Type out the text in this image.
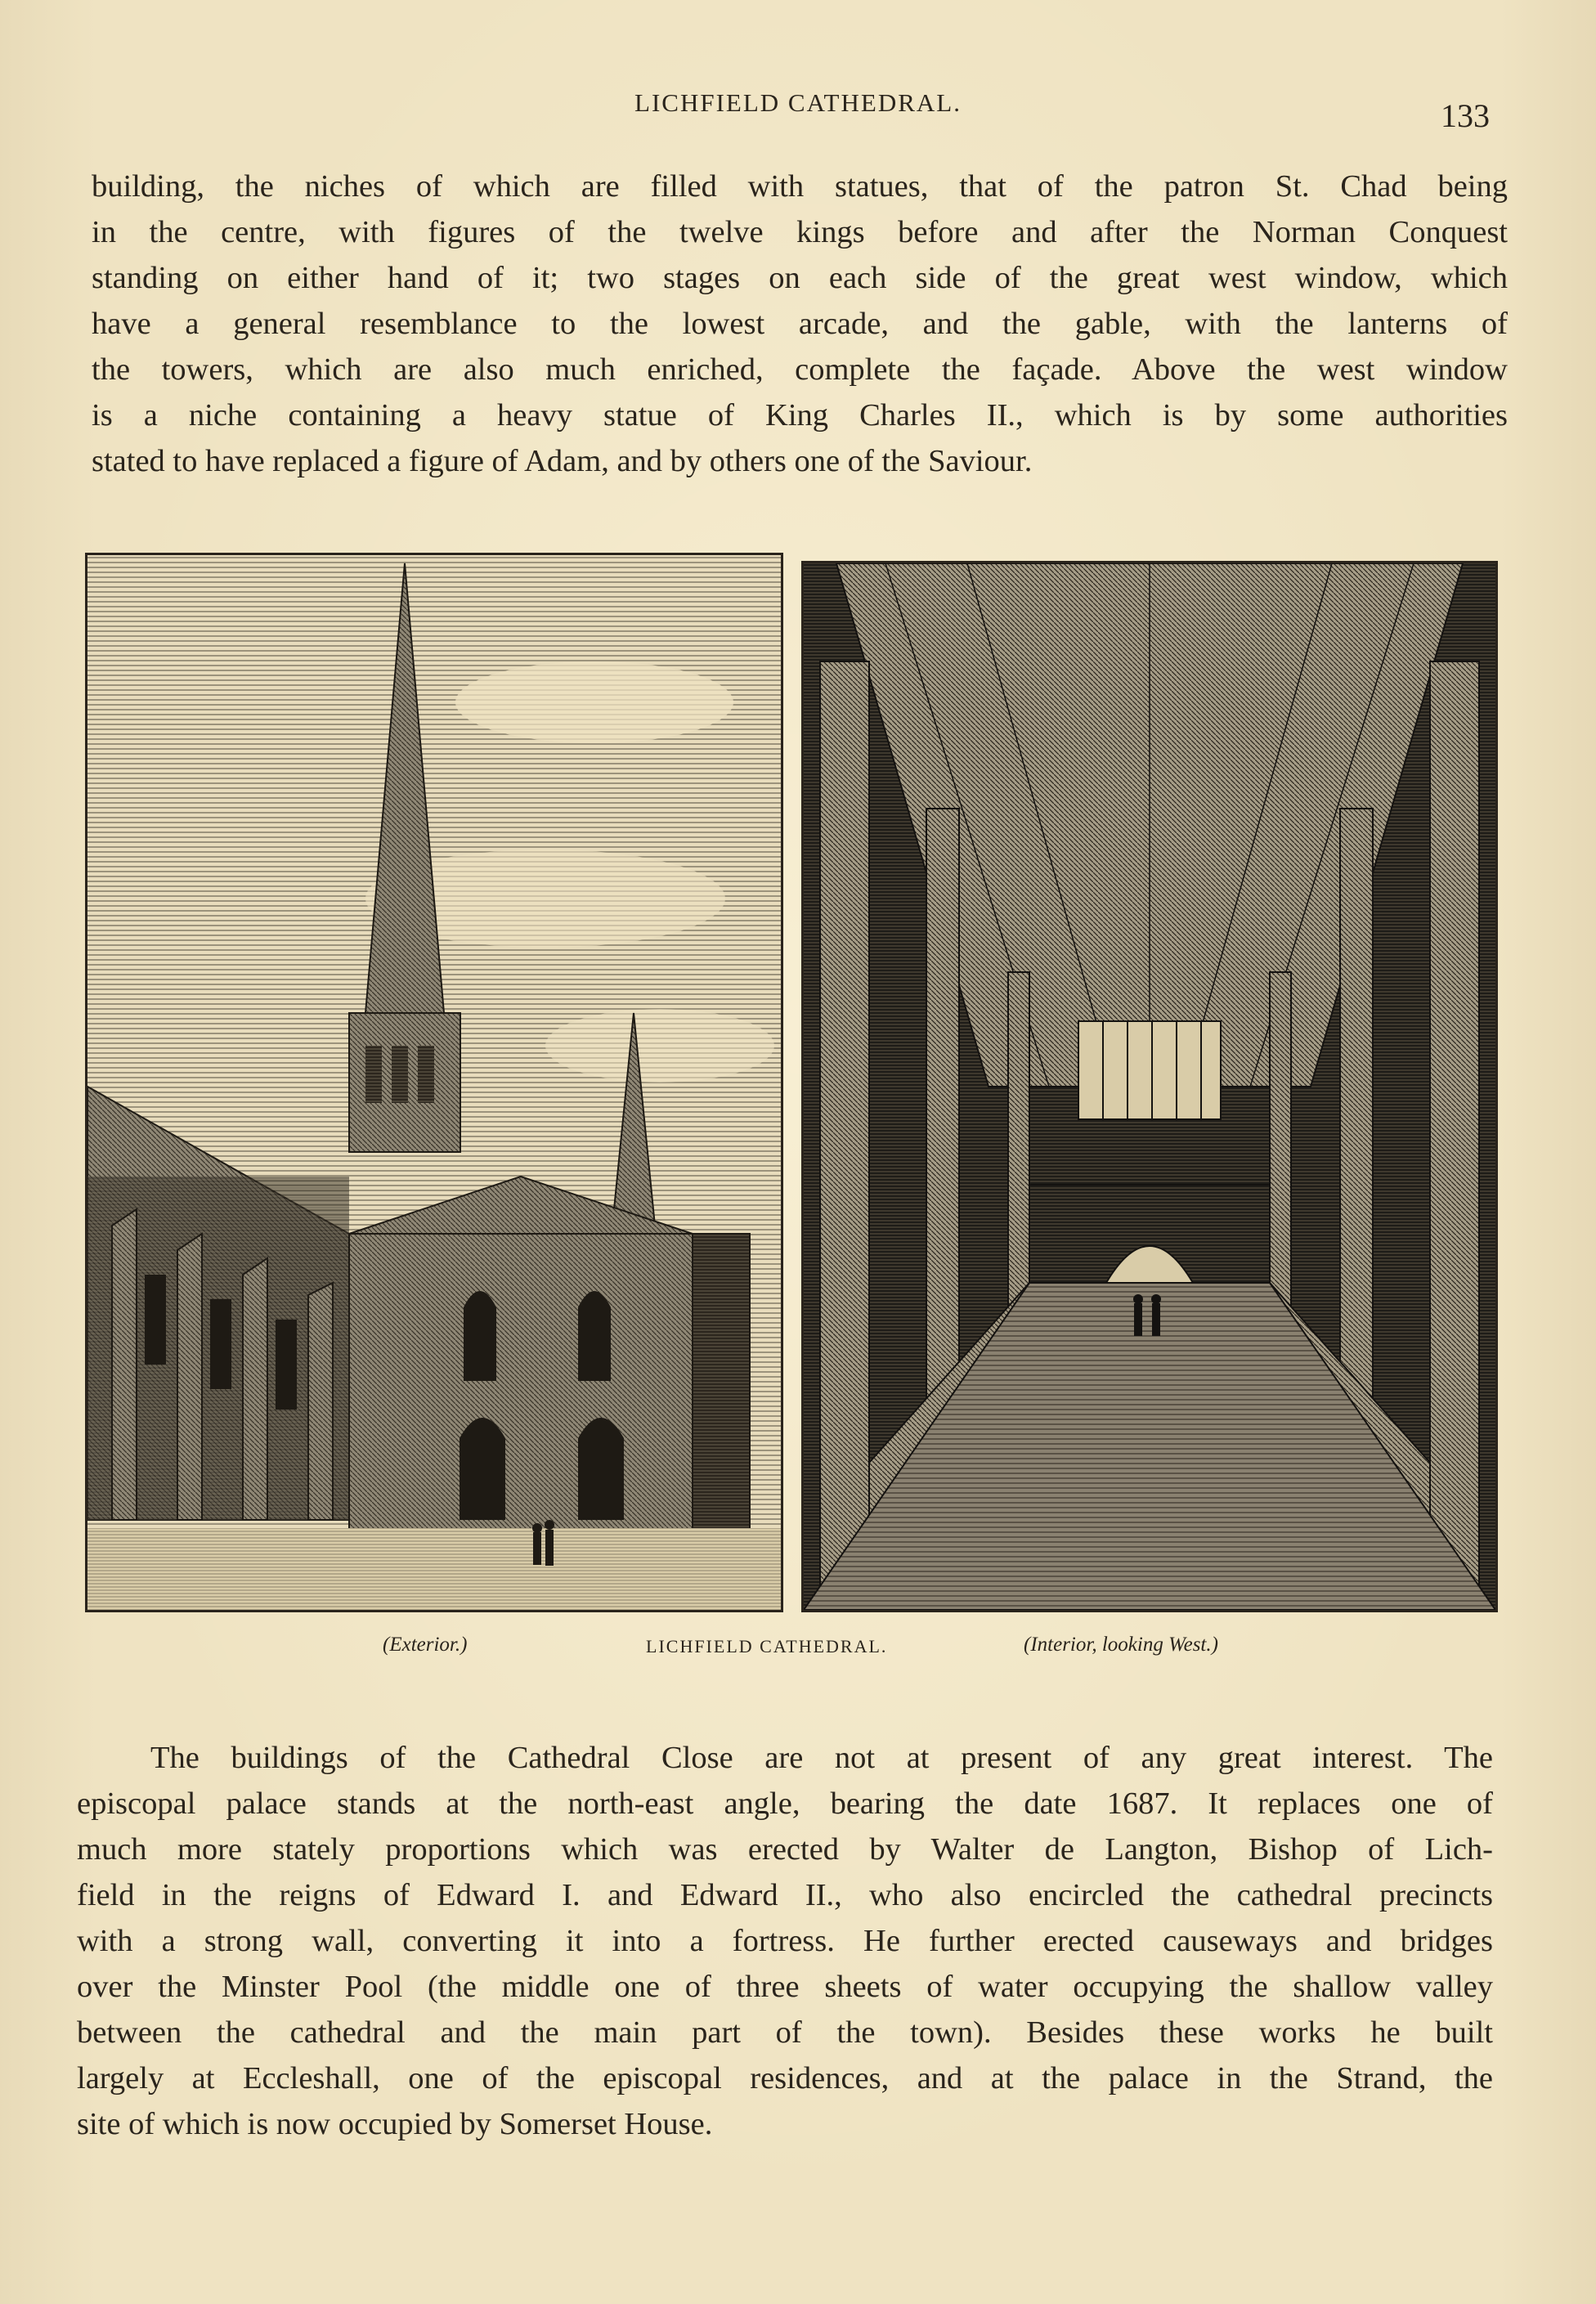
LICHFIELD CATHEDRAL.	133
building, the niches of which are filled with statues, that of the patron St. Chad being
in the centre, with figures of the twelve kings before and after the Norman Conquest
standing on either hand of it; two stages on each side of the great west window, which
have a general resemblance to the lowest arcade, and the gable, with the lanterns of
the towers, which are also much enriched, complete the façade. Above the west window
is a niche containing a heavy statue of King Charles II., which is by some authorities
stated to have replaced a figure of Adam, and by others one of the Saviour.
(Exterior.)	LICHFIELD CATHEDRAL.	(Interior, looking West.)
The buildings of the Cathedral Close are not at present of any great interest. The
episcopal palace stands at the north-east angle, bearing the date 1687. It replaces one of
much more stately proportions which was erected by Walter de Langton, Bishop of Lich-
field in the reigns of Edward I. and Edward II., who also encircled the cathedral precincts
with a strong wall, converting it into a fortress. He further erected causeways and bridges
over the Minster Pool (the middle one of three sheets of water occupying the shallow valley
between the cathedral and the main part of the town). Besides these works he built
largely at Eccleshall, one of the episcopal residences, and at the palace in the Strand, the
site of which is now occupied by Somerset House.
